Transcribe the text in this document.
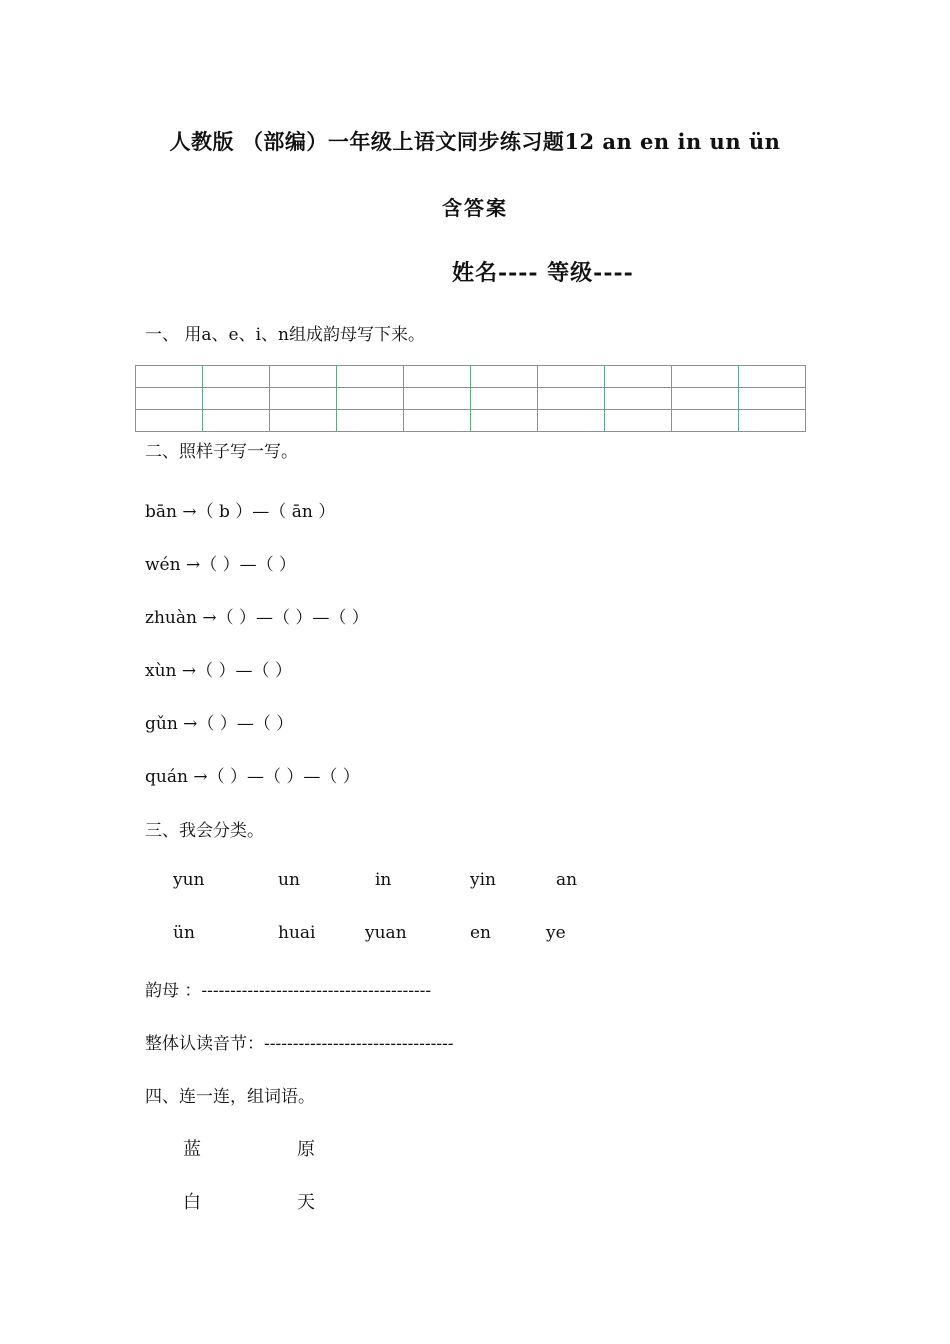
人教版 （部编）一年级上语文同步练习题12 an en in un ün
含答案
姓名---- 等级----
一、 用a、e、i、n组成韵母写下来。

二、照样子写一写。
bān →（ b ）—（ ān ）
wén →（ ）—（ ）
zhuàn →（ ）—（ ）—（ ）
xùn →（ ）—（ ）
gǔn →（ ）—（ ）
quán →（ ）—（ ）—（ ）
三、我会分类。
yun	un	in	yin	an
ün	huai	yuan	en	ye
韵母 ：----------------------------------------
整体认读音节：---------------------------------
四、连一连，组词语。
蓝	原
白	天
